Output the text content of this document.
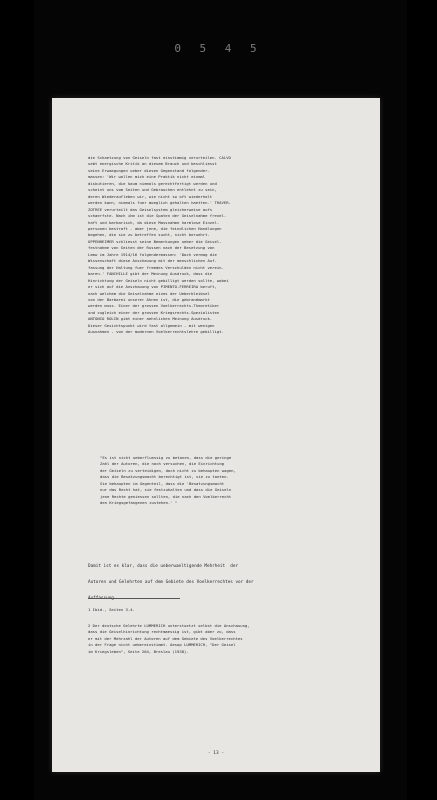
0 5 4 5
die Schaetzung von Geiseln fast einstimmig verurteilen. CALVO
uebt energische Kritik an diesem Brauch und beschliesst
seine Erwaegungen ueber diesen Gegenstand folgender-
massen: 'Wir wollen mich eine Praktik nicht einmal
diskutieren, die kaum niemals gerechtfertigt werden und
scheint uns vom Seiten und Gebrauchen entlehnt zu sein,
deren Wiederaufleben wir, wie nicht so oft wiederholt
werden kann, niemals fuer moeglich gehalten haetten.' TRAVER-
ZOTREE verurteilt das Geiselsystem gleicherweise aufs
schaerfste. Nach ihm ist die Spaten der Geiselnahme frevel-
haft und barbarisch, da diese Massnahme harmlose Einzel-
personen bestraft - aber jene, die feindlichen Handlungen
begehen, die sie zu betreffen sucht, nicht beruehrt.
OPPENHEIMER schliesst seine Bemerkungen ueber die Geisel-
festnahme von Seiten der Russen nach der Besetzung von
Lemw im Jahre 1914/16 folgendermassen: 'Doch vermag die
Wissenschaft diese Anschauung mit der menschlichen Auf-
fassung der Haltung fuer fremdes Verschulden nicht verein-
baren.' FANCHILLE gibt der Meinung Ausdruck, dass die
Hinrichtung der Geiseln nicht gebilligt werden sollte, wobei
er sich auf die Anschauung von PIMENTO-FERREIRA beruft,
nach welchem die Geiselnahme eines der Ueberbleibsel
von der Barbarei unserer Ahnen ist, die gebrandmarkt
werden muss. Einer der grossen Voelkerrechts-Theoretiker
und zugleich einer der grossen Kriegsrechts-Spezialisten
ANTONIO ROLIN gibt einer aehnlichen Meinung Ausdruck.
Dieser Gesichtspunkt wird fast allgemein - mit wenigen
Ausnahmen - von der modernen Voelkerrechtslehre gebilligt.
"Es ist nicht ueberfluessig zu betonen, dass die geringe
Zahl der Autoren, die noch versuchen, die Einrichtung
der Geiseln zu verteidigen, doch nicht zu behaupten wagen,
dass die Besatzungsmacht berechtigt ist, sie zu toeten.
Sie behaupten im Gegenteil, dass die 'Besatzungsmacht
nur das Recht hat, sie festzuhalten und dass die Geiseln
jene Rechte geniessen sollten, die nach den Voelkerrecht
den Kriegsgefangenen zustehen.' "
Damit ist es klar, dass die ueberwaeltigende Mehrheit  der
Autoren und Gelehrten auf dem Gebiete des Voelkerrechtes vor der
Auffassung
1 Ibid., Seiten 3-4.
2 Der deutsche Gelehrte LUMMERICH unterstuetzt selbst die Anschauung,
dass die Geiselhinrichtung rechtmaessig ist, gibt aber zu, dass
er mit der Mehrzahl der Autoren auf dem Gebiete des Voelkerrechtes
in der Frage nicht uebereinstimmt. Aesop LUMMERICH, "Der Geisel
im Kriegsleben", Seite 264, Breslau (1938).
- 13 -
